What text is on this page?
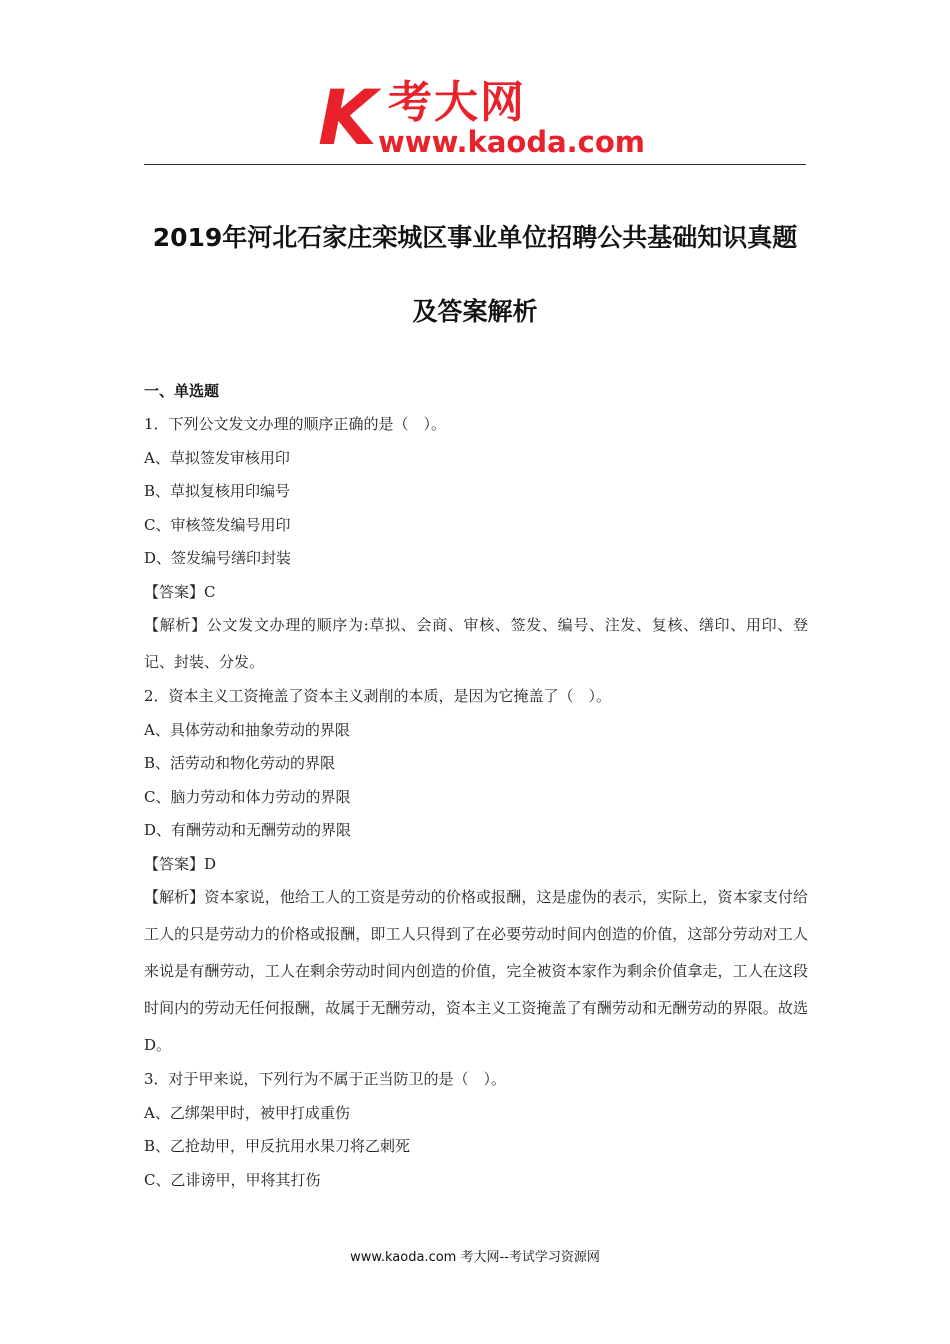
K 考大网
www.kaoda.com
2019年河北石家庄栾城区事业单位招聘公共基础知识真题
及答案解析
一、单选题
1．下列公文发文办理的顺序正确的是（　）。
A、草拟签发审核用印
B、草拟复核用印编号
C、审核签发编号用印
D、签发编号缮印封装
【答案】C
【解析】公文发文办理的顺序为:草拟、会商、审核、签发、编号、注发、复核、缮印、用印、登记、封装、分发。
2．资本主义工资掩盖了资本主义剥削的本质，是因为它掩盖了（　）。
A、具体劳动和抽象劳动的界限
B、活劳动和物化劳动的界限
C、脑力劳动和体力劳动的界限
D、有酬劳动和无酬劳动的界限
【答案】D
【解析】资本家说，他给工人的工资是劳动的价格或报酬，这是虚伪的表示，实际上，资本家支付给工人的只是劳动力的价格或报酬，即工人只得到了在必要劳动时间内创造的价值，这部分劳动对工人来说是有酬劳动，工人在剩余劳动时间内创造的价值，完全被资本家作为剩余价值拿走，工人在这段时间内的劳动无任何报酬，故属于无酬劳动，资本主义工资掩盖了有酬劳动和无酬劳动的界限。故选D。
3．对于甲来说，下列行为不属于正当防卫的是（　）。
A、乙绑架甲时，被甲打成重伤
B、乙抢劫甲，甲反抗用水果刀将乙刺死
C、乙诽谤甲，甲将其打伤
www.kaoda.com 考大网--考试学习资源网
